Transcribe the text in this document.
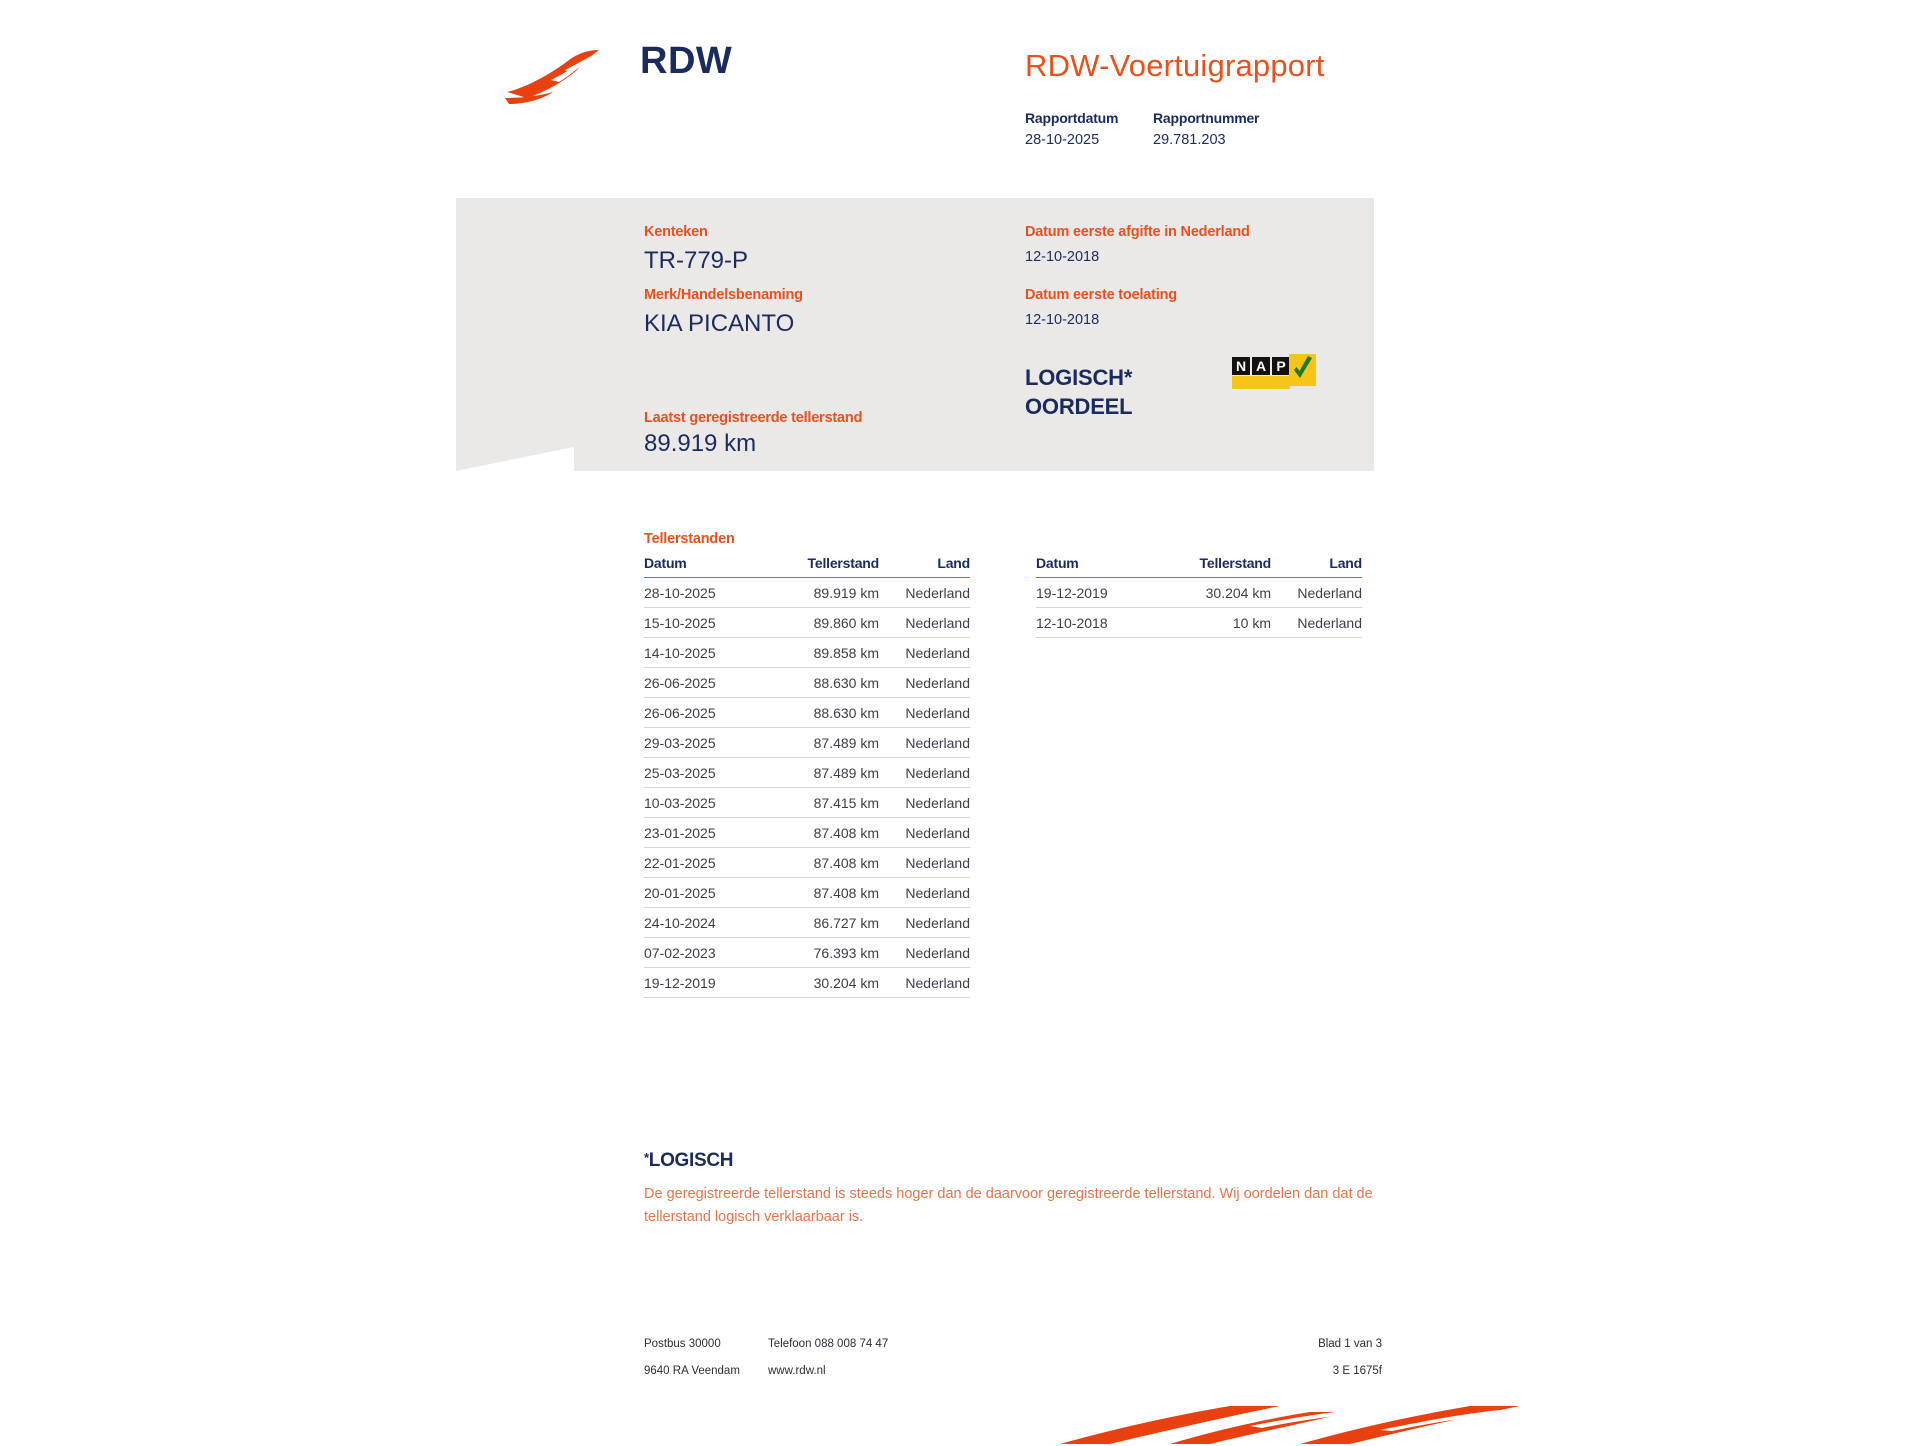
RDW	RDW-Voertuigrapport
Rapportdatum
28-10-2025
Rapportnummer
29.781.203
Kenteken
TR-779-P
Merk/Handelsbenaming
KIA PICANTO
Laatst geregistreerde tellerstand
89.919 km
Datum eerste afgifte in Nederland
12-10-2018
Datum eerste toelating
12-10-2018
LOGISCH*
OORDEEL
N A P
Tellerstanden
Datum	Tellerstand	Land
28-10-2025	89.919 km	Nederland
15-10-2025	89.860 km	Nederland
14-10-2025	89.858 km	Nederland
26-06-2025	88.630 km	Nederland
26-06-2025	88.630 km	Nederland
29-03-2025	87.489 km	Nederland
25-03-2025	87.489 km	Nederland
10-03-2025	87.415 km	Nederland
23-01-2025	87.408 km	Nederland
22-01-2025	87.408 km	Nederland
20-01-2025	87.408 km	Nederland
24-10-2024	86.727 km	Nederland
07-02-2023	76.393 km	Nederland
19-12-2019	30.204 km	Nederland
Datum	Tellerstand	Land
19-12-2019	30.204 km	Nederland
12-10-2018	10 km	Nederland
*LOGISCH
De geregistreerde tellerstand is steeds hoger dan de daarvoor geregistreerde tellerstand. Wij oordelen dan dat de tellerstand logisch verklaarbaar is.
Postbus 30000
9640 RA Veendam
Telefoon 088 008 74 47
www.rdw.nl
Blad 1 van 3
3 E 1675f
